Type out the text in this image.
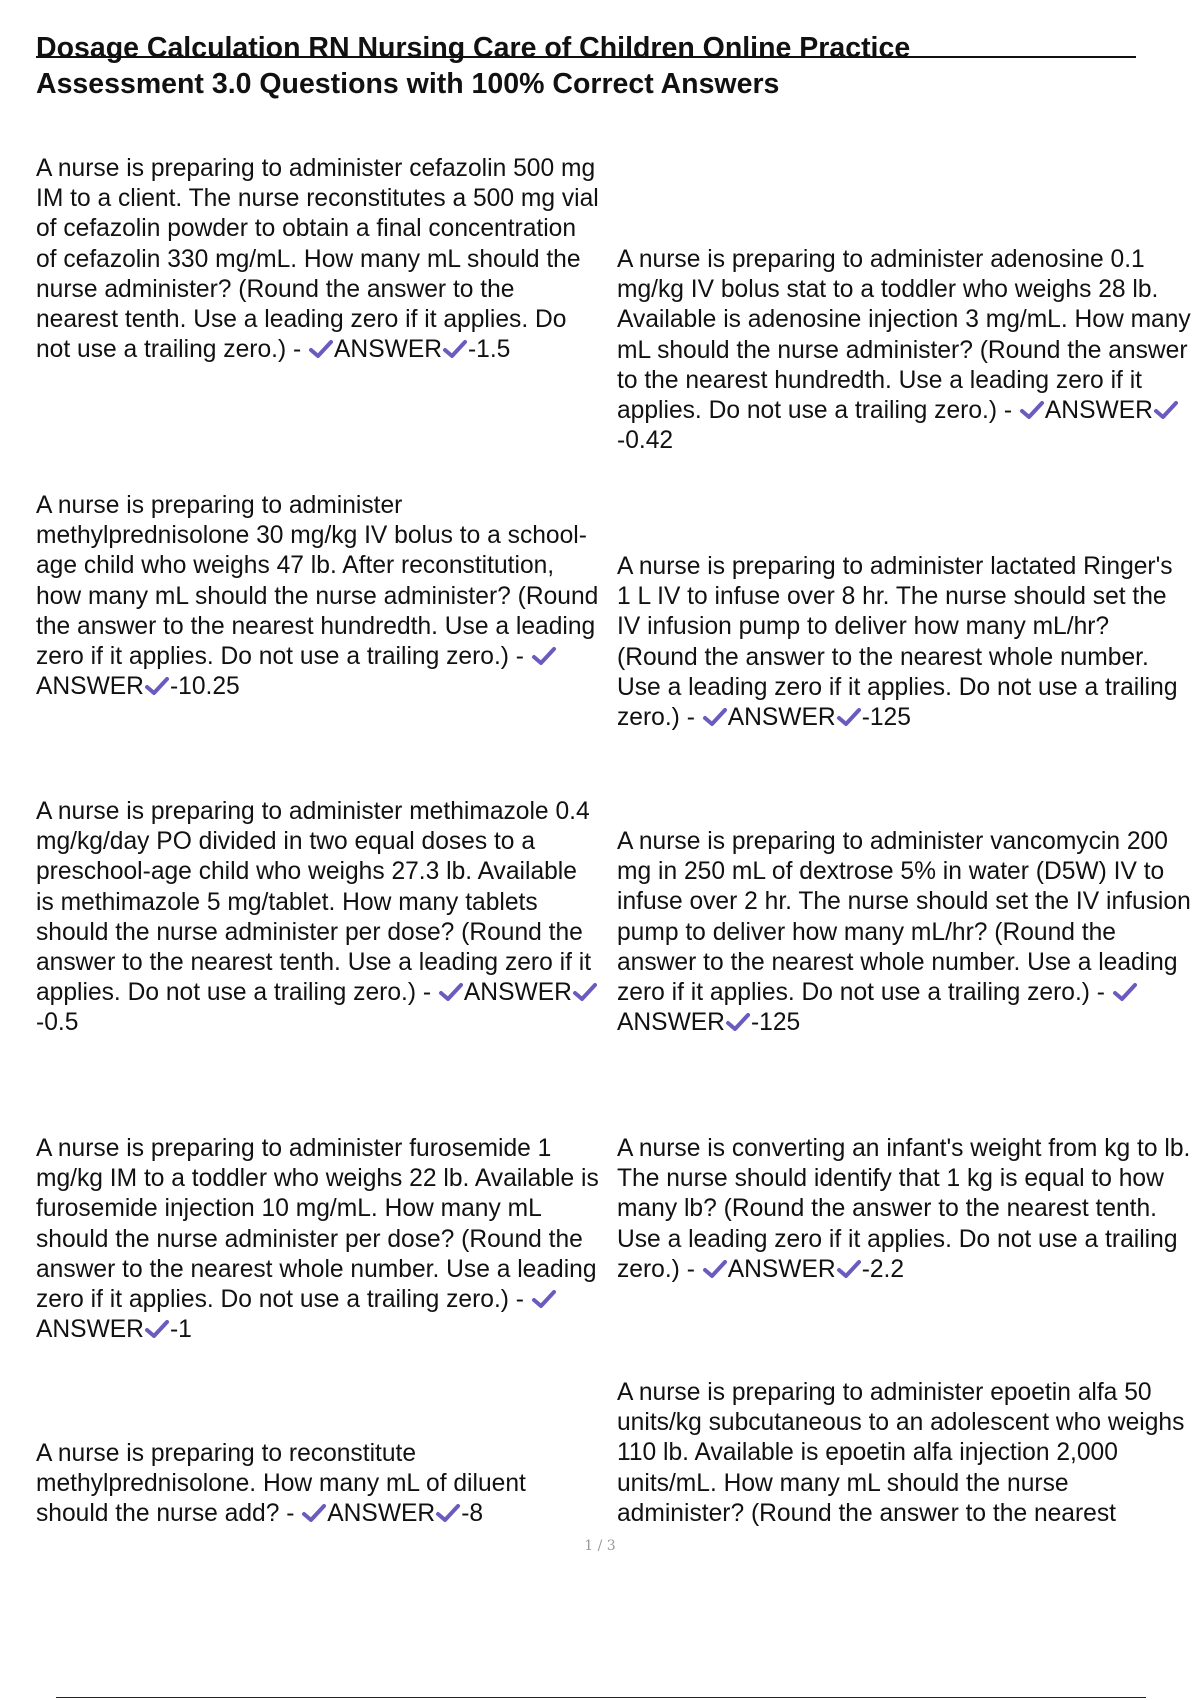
Dosage Calculation RN Nursing Care of Children Online Practice
Assessment 3.0 Questions with 100% Correct Answers

A nurse is preparing to administer cefazolin 500 mg IM to a client. The nurse reconstitutes a 500 mg vial of cefazolin powder to obtain a final concentration of cefazolin 330 mg/mL. How many mL should the nurse administer? (Round the answer to the nearest tenth. Use a leading zero if it applies. Do not use a trailing zero.) -
ANSWER -1.5

A nurse is preparing to administer adenosine 0.1 mg/kg IV bolus stat to a toddler who weighs 28 lb. Available is adenosine injection 3 mg/mL. How many mL should the nurse administer? (Round the answer to the nearest hundredth. Use a leading zero if it applies. Do not use a trailing zero.) -
ANSWER
-0.42

A nurse is preparing to administer methylprednisolone 30 mg/kg IV bolus to a school-age child who weighs 47 lb. After reconstitution, how many mL should the nurse administer? (Round the answer to the nearest hundredth. Use a leading zero if it applies. Do not use a trailing zero.) -
ANSWER -10.25

A nurse is preparing to administer lactated Ringer's 1 L IV to infuse over 8 hr. The nurse should set the IV infusion pump to deliver how many mL/hr? (Round the answer to the nearest whole number. Use a leading zero if it applies. Do not use a trailing zero.) -
ANSWER -125

A nurse is preparing to administer methimazole 0.4 mg/kg/day PO divided in two equal doses to a preschool-age child who weighs 27.3 lb. Available is methimazole 5 mg/tablet. How many tablets should the nurse administer per dose? (Round the answer to the nearest tenth. Use a leading zero if it applies. Do not use a trailing zero.) -
ANSWER
-0.5

A nurse is preparing to administer vancomycin 200 mg in 250 mL of dextrose 5% in water (D5W) IV to infuse over 2 hr. The nurse should set the IV infusion pump to deliver how many mL/hr? (Round the answer to the nearest whole number. Use a leading zero if it applies. Do not use a trailing zero.) -
ANSWER -125

A nurse is preparing to administer furosemide 1 mg/kg IM to a toddler who weighs 22 lb. Available is furosemide injection 10 mg/mL. How many mL should the nurse administer per dose? (Round the answer to the nearest whole number. Use a leading zero if it applies. Do not use a trailing zero.) -
ANSWER -1

A nurse is converting an infant's weight from kg to lb. The nurse should identify that 1 kg is equal to how many lb? (Round the answer to the nearest tenth. Use a leading zero if it applies. Do not use a trailing zero.) -
ANSWER -2.2

A nurse is preparing to reconstitute methylprednisolone. How many mL of diluent should the nurse add? -
ANSWER -8

A nurse is preparing to administer epoetin alfa 50 units/kg subcutaneous to an adolescent who weighs 110 lb. Available is epoetin alfa injection 2,000 units/mL. How many mL should the nurse administer? (Round the answer to the nearest

1 / 3
